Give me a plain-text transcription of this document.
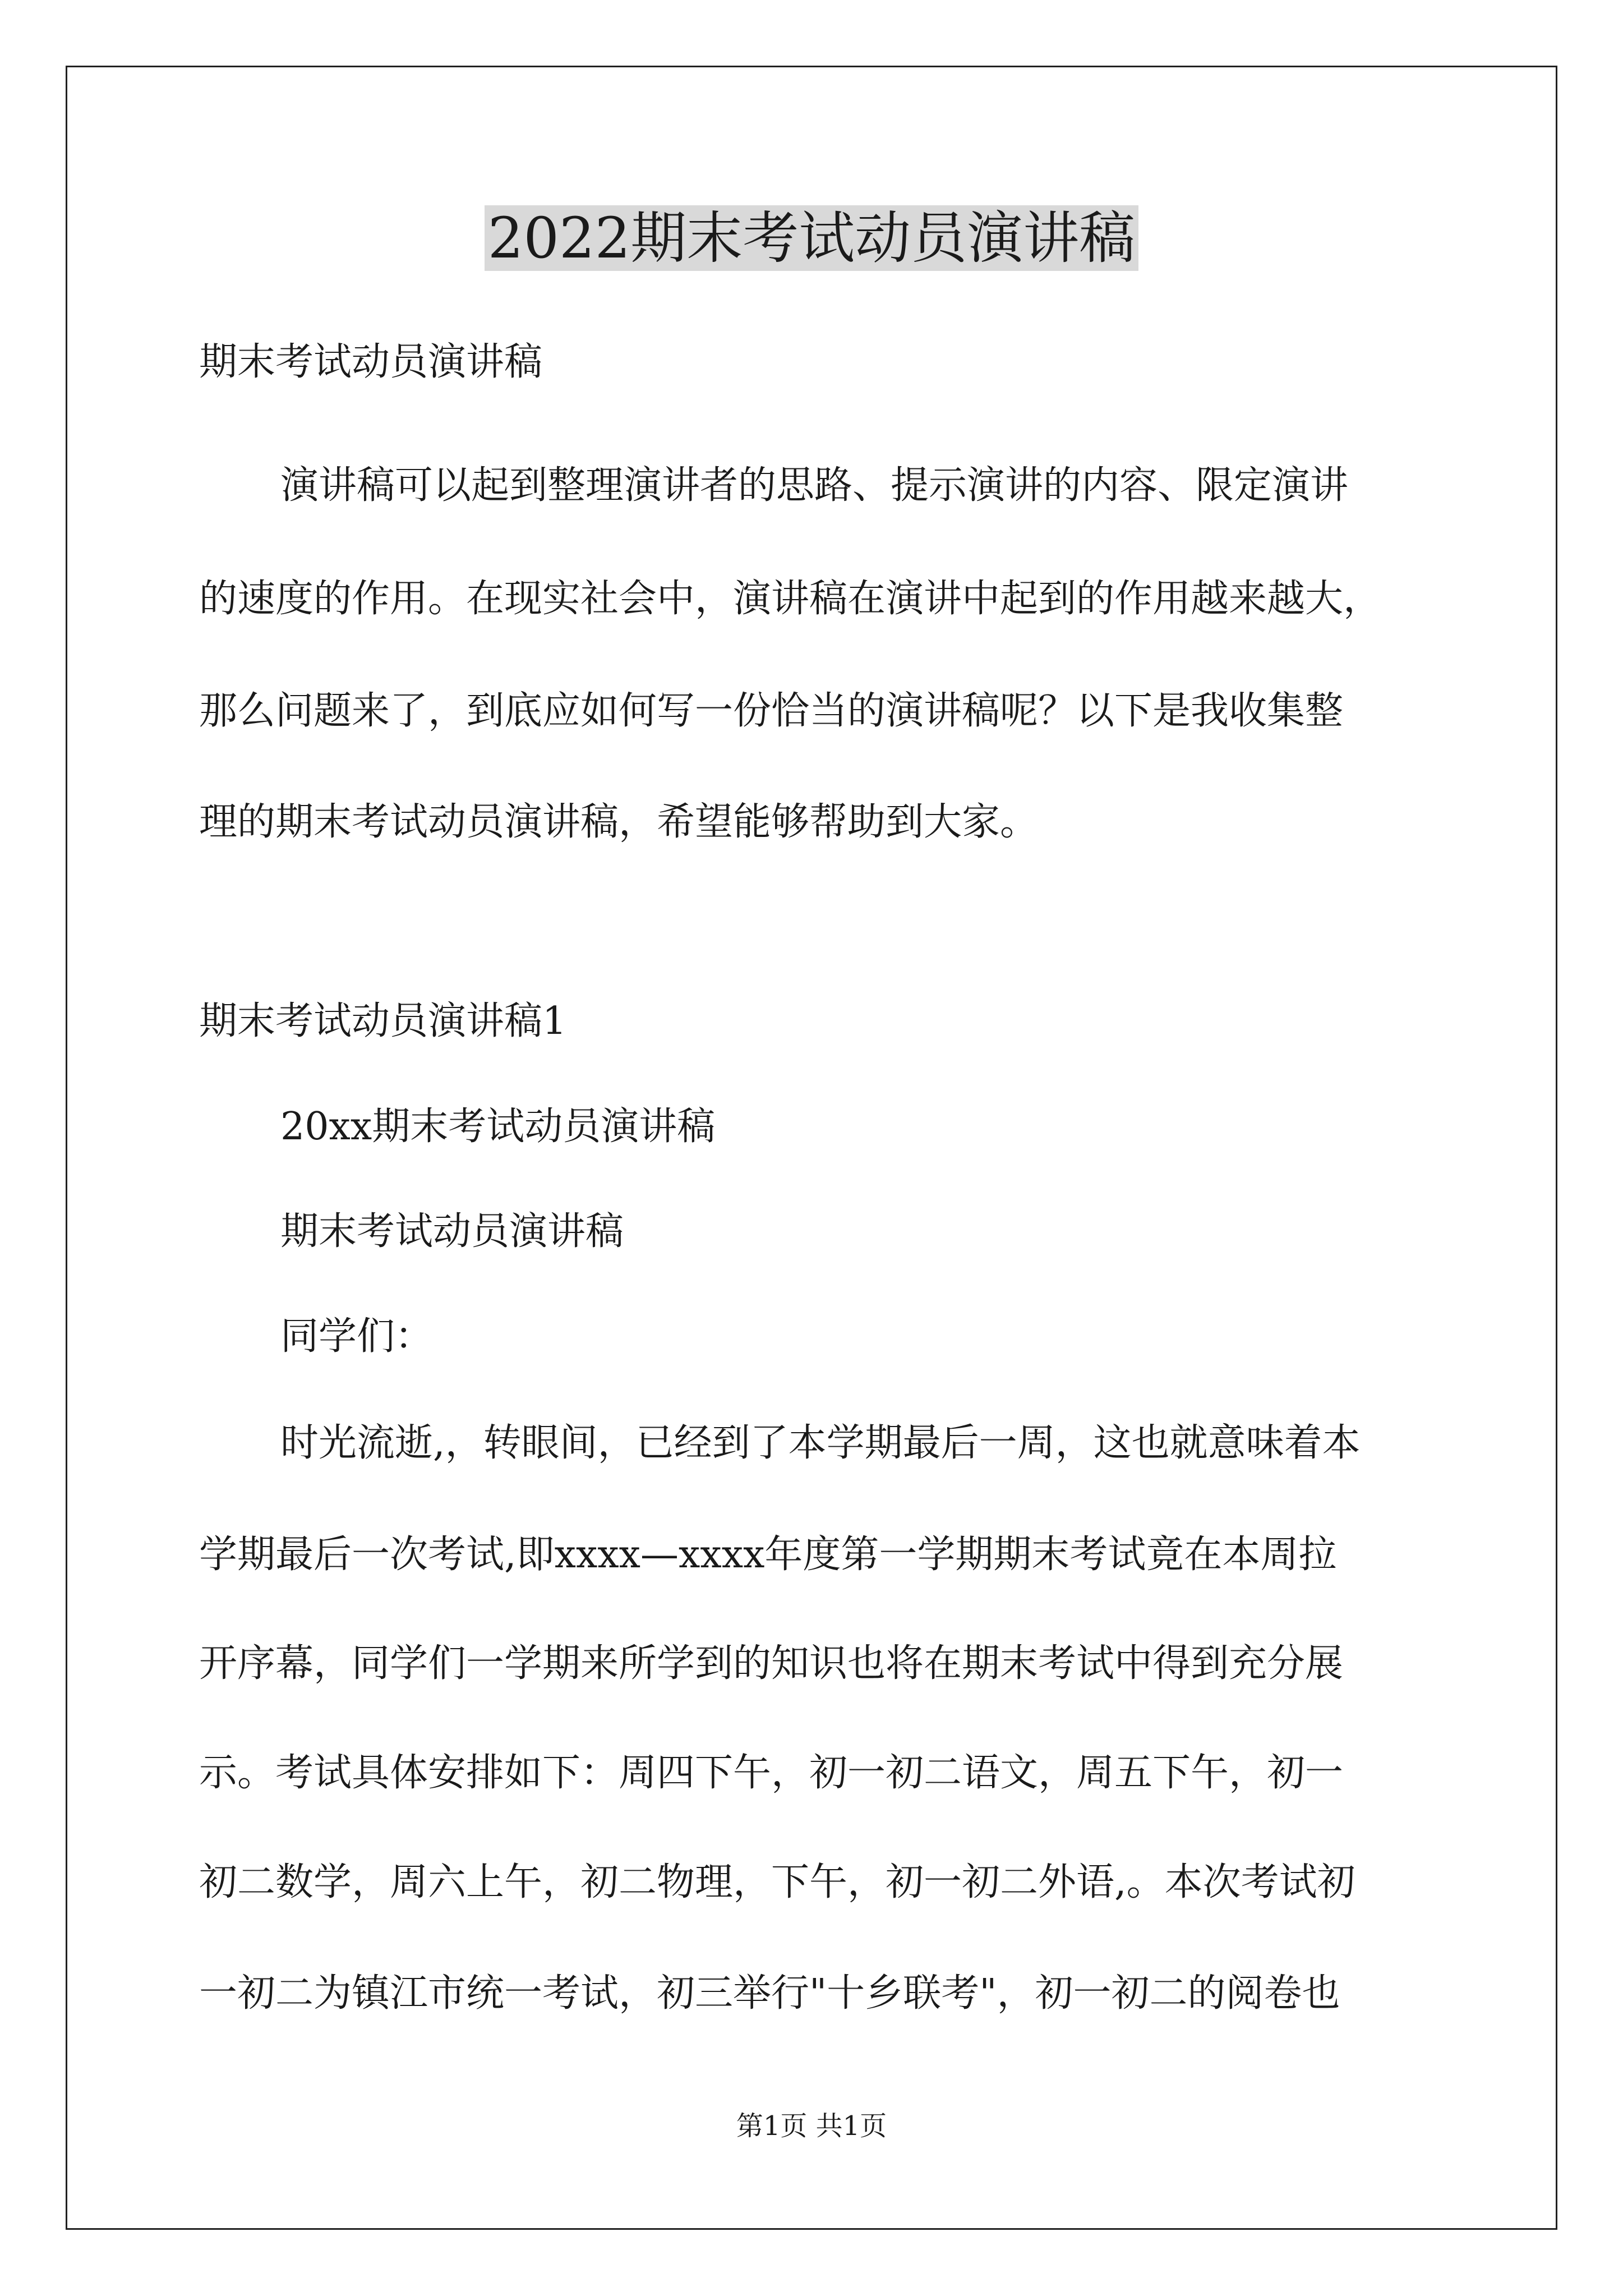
2022期末考试动员演讲稿

期末考试动员演讲稿

演讲稿可以起到整理演讲者的思路、提示演讲的内容、限定演讲

的速度的作用。在现实社会中，演讲稿在演讲中起到的作用越来越大，

那么问题来了，到底应如何写一份恰当的演讲稿呢？以下是我收集整

理的期末考试动员演讲稿，希望能够帮助到大家。

期末考试动员演讲稿1

20xx期末考试动员演讲稿

期末考试动员演讲稿

同学们：

时光流逝,，转眼间，已经到了本学期最后一周，这也就意味着本

学期最后一次考试,即xxxx—xxxx年度第一学期期末考试竟在本周拉

开序幕，同学们一学期来所学到的知识也将在期末考试中得到充分展

示。考试具体安排如下：周四下午，初一初二语文，周五下午，初一

初二数学，周六上午，初二物理，下午，初一初二外语,。本次考试初

一初二为镇江市统一考试，初三举行"十乡联考"，初一初二的阅卷也

第1页 共1页
